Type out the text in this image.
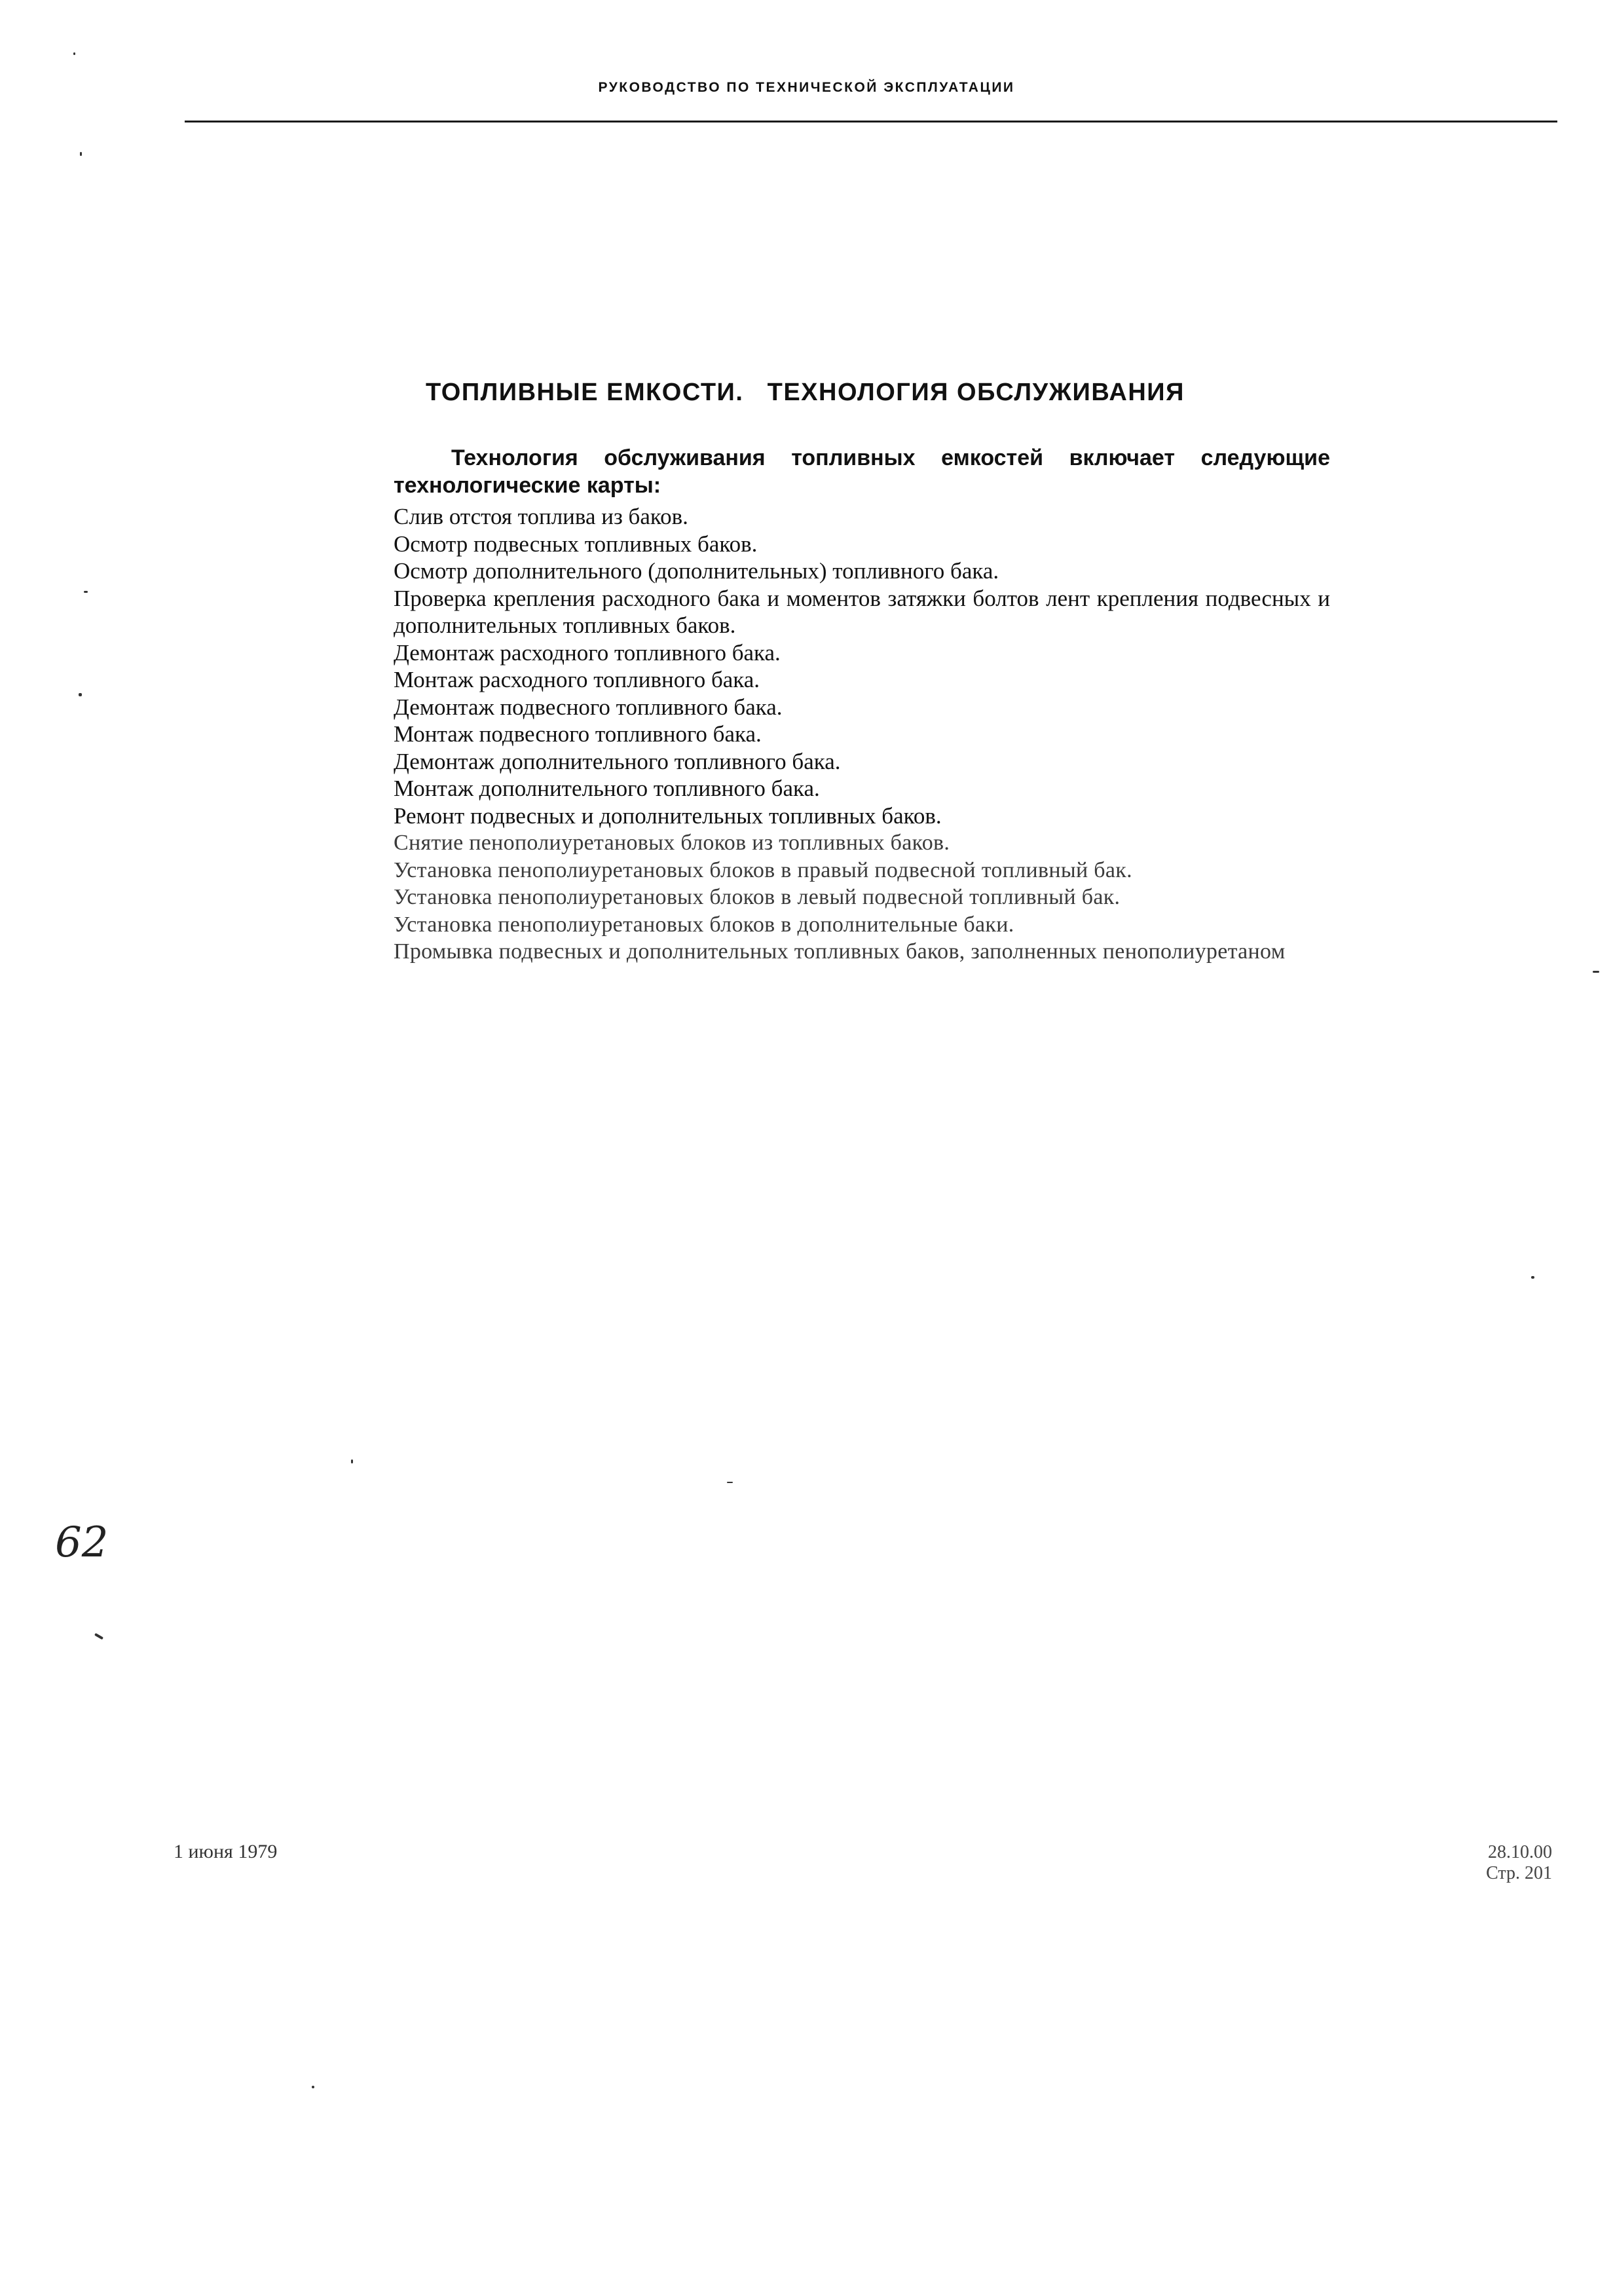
РУКОВОДСТВО ПО ТЕХНИЧЕСКОЙ ЭКСПЛУАТАЦИИ
ТОПЛИВНЫЕ ЕМКОСТИ.   ТЕХНОЛОГИЯ ОБСЛУЖИВАНИЯ

Технология обслуживания топливных емкостей включает следующие технологические карты:

Слив отстоя топлива из баков.
Осмотр подвесных топливных баков.
Осмотр дополнительного (дополнительных) топливного бака.
Проверка крепления расходного бака и моментов затяжки болтов лент крепления подвесных и дополнительных топливных баков.
Демонтаж расходного топливного бака.
Монтаж расходного топливного бака.
Демонтаж подвесного топливного бака.
Монтаж подвесного топливного бака.
Демонтаж дополнительного топливного бака.
Монтаж дополнительного топливного бака.
Ремонт подвесных и дополнительных топливных баков.
Снятие пенополиуретановых блоков из топливных баков.
Установка пенополиуретановых блоков в правый подвесной топливный бак.
Установка пенополиуретановых блоков в левый подвесной топливный бак.
Установка пенополиуретановых блоков в дополнительные баки.
Промывка подвесных и дополнительных топливных баков, заполненных пенополиуретаном
62
1 июня 1979	28.10.00
Стр. 201
